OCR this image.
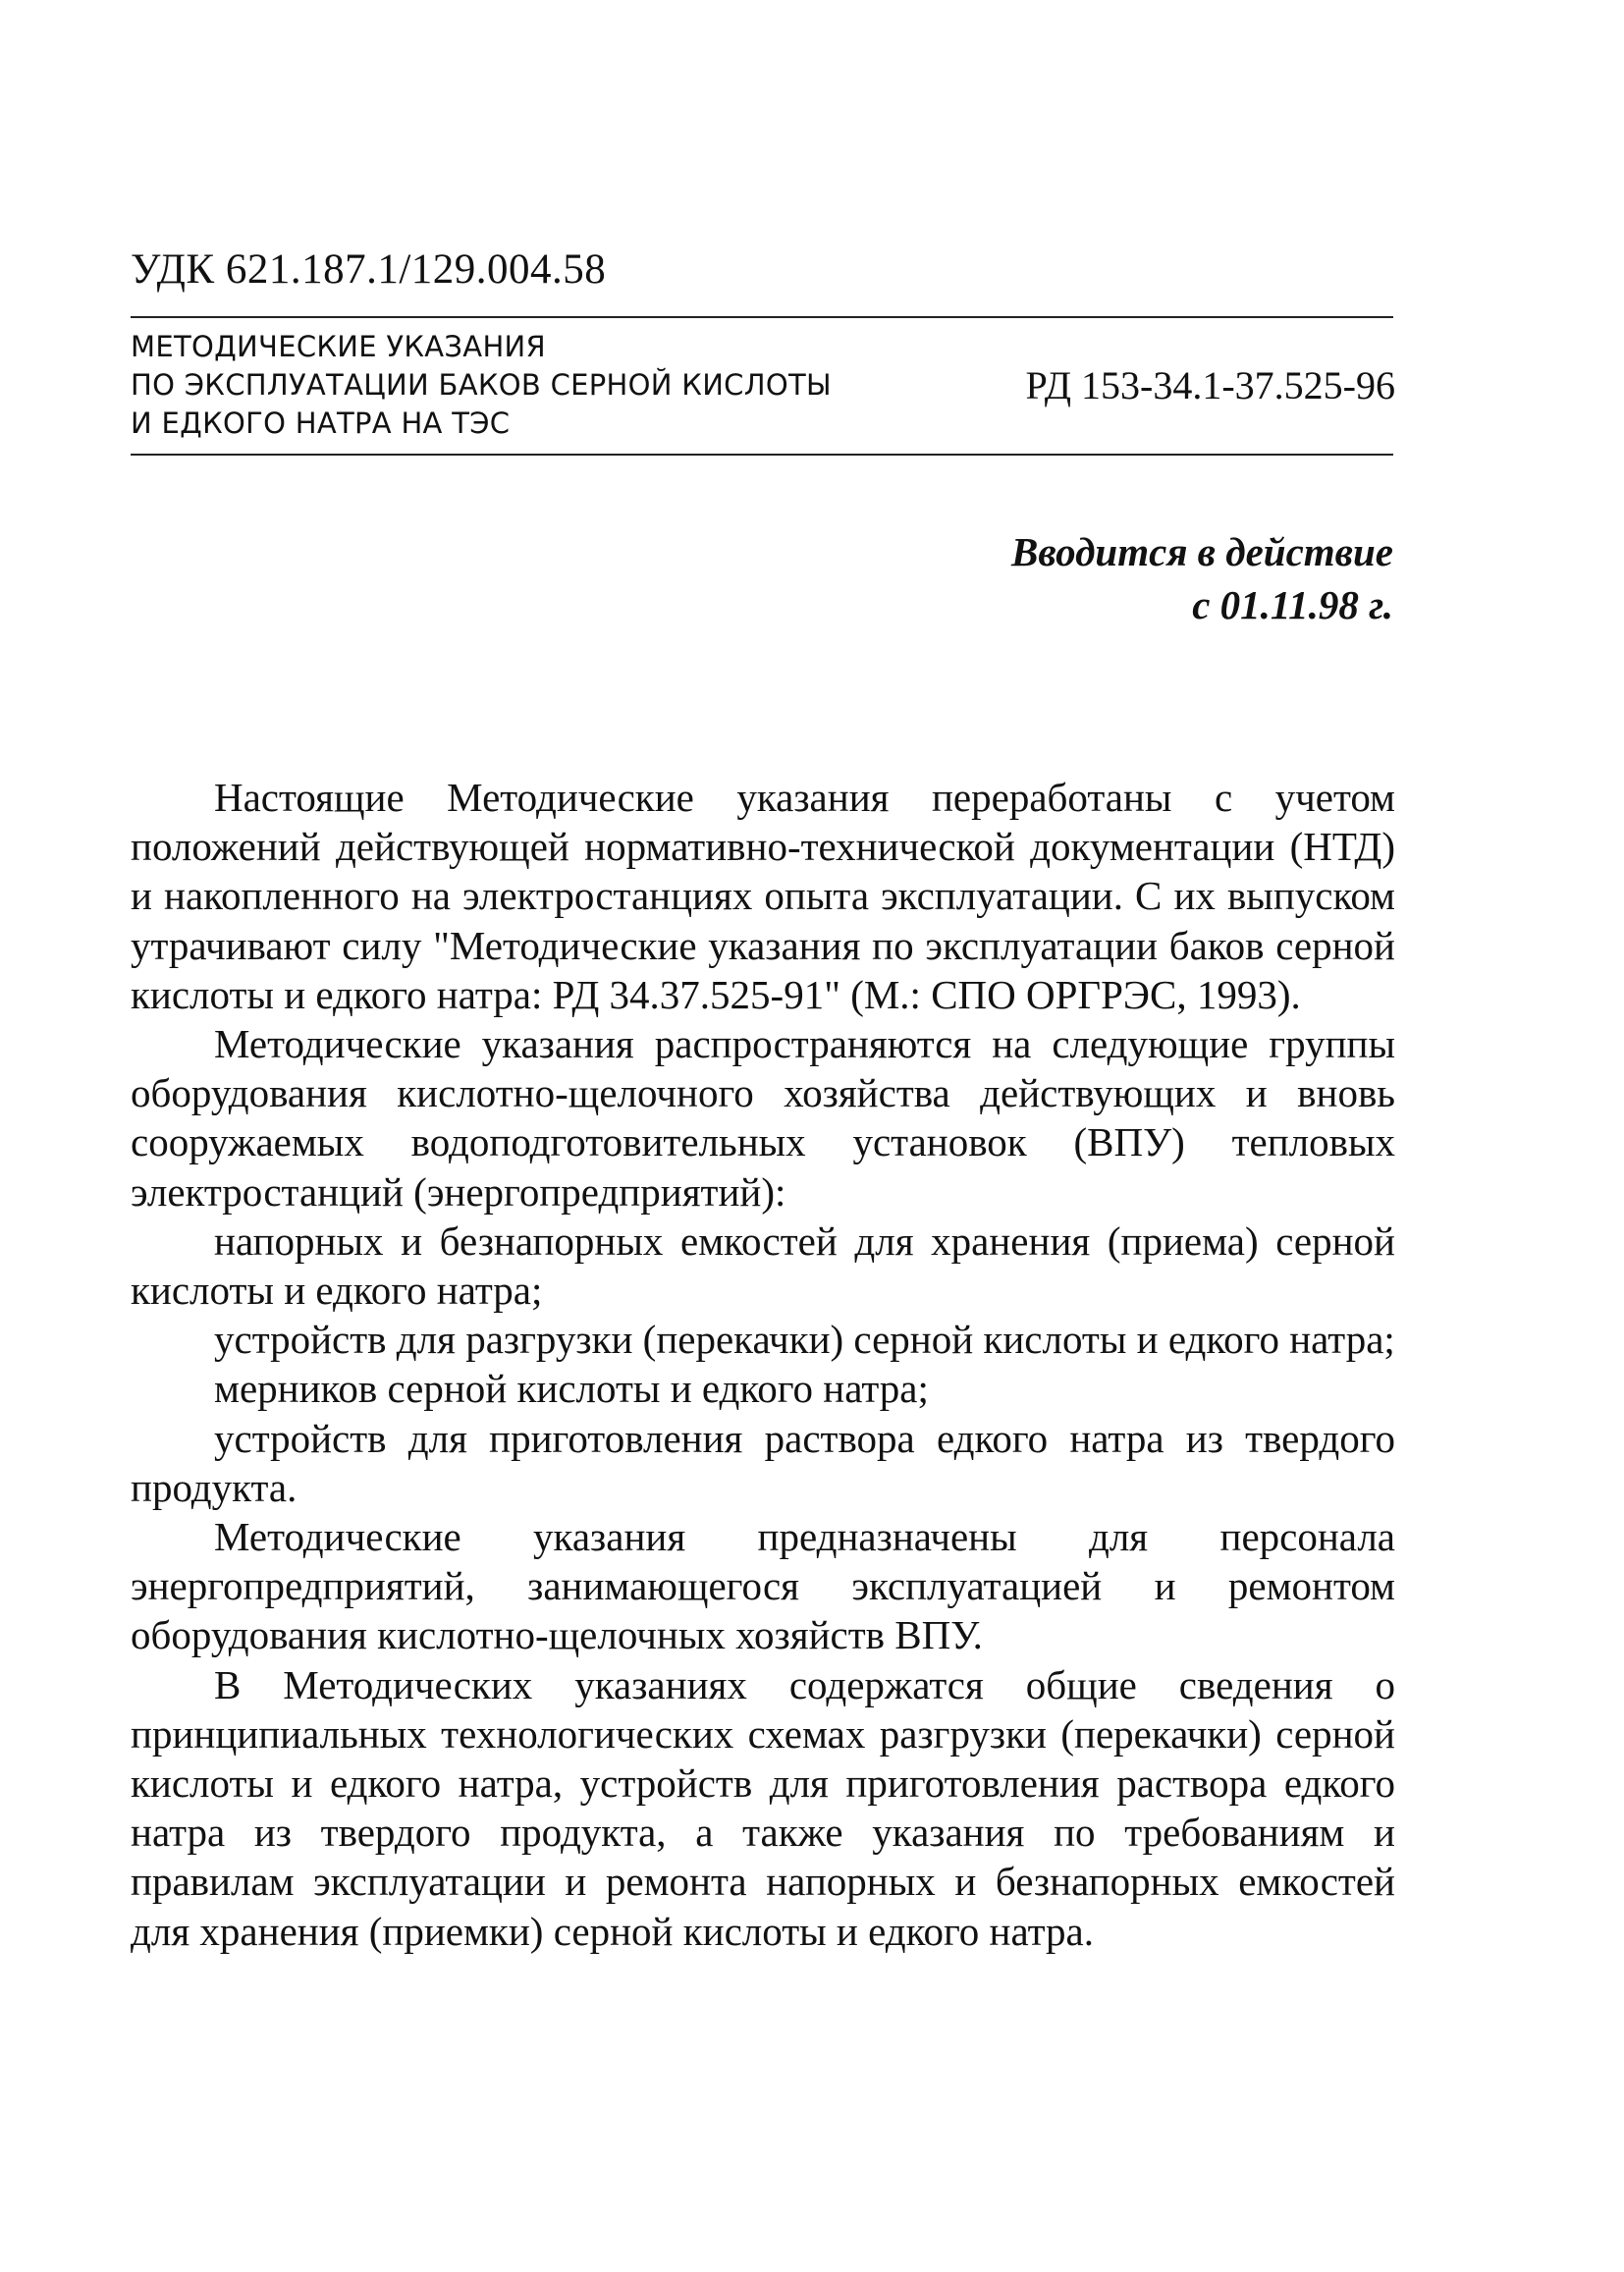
УДК 621.187.1/129.004.58
МЕТОДИЧЕСКИЕ УКАЗАНИЯ
ПО ЭКСПЛУАТАЦИИ БАКОВ СЕРНОЙ КИСЛОТЫ
И ЕДКОГО НАТРА НА ТЭС
РД 153-34.1-37.525-96
Вводится в действие
с 01.11.98 г.

Настоящие Методические указания переработаны с учетом положений действующей нормативно-технической документации (НТД) и накопленного на электростанциях опыта эксплуатации. С их выпуском утрачивают силу "Методические указания по эксплуатации баков серной кислоты и едкого натра: РД 34.37.525-91" (М.: СПО ОРГРЭС, 1993).

Методические указания распространяются на следующие группы оборудования кислотно-щелочного хозяйства действующих и вновь сооружаемых водоподготовительных установок (ВПУ) тепловых электростанций (энергопредприятий):

напорных и безнапорных емкостей для хранения (приема) серной кислоты и едкого натра;

устройств для разгрузки (перекачки) серной кислоты и едкого натра;

мерников серной кислоты и едкого натра;

устройств для приготовления раствора едкого натра из твердого продукта.

Методические указания предназначены для персонала энергопредприятий, занимающегося эксплуатацией и ремонтом оборудования кислотно-щелочных хозяйств ВПУ.

В Методических указаниях содержатся общие сведения о принципиальных технологических схемах разгрузки (перекачки) серной кислоты и едкого натра, устройств для приготовления раствора едкого натра из твердого продукта, а также указания по требованиям и правилам эксплуатации и ремонта напорных и безнапорных емкостей для хранения (приемки) серной кислоты и едкого натра.
